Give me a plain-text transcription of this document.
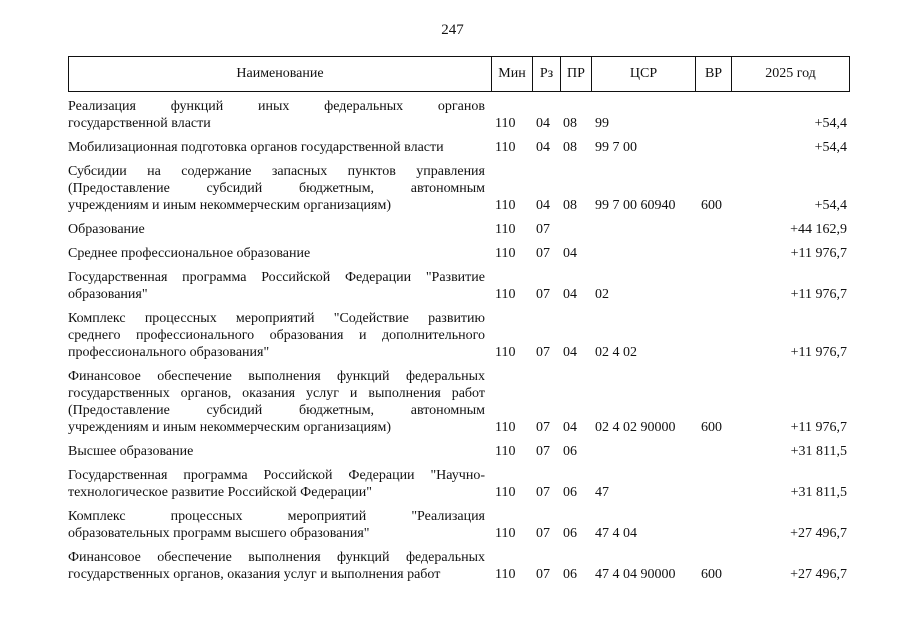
247
Наименование	Мин	Рз	ПР	ЦСР	ВР	2025 год
Реализация функций иных федеральных органов
государственной власти	110	04	08	99		+54,4

Мобилизационная подготовка органов государственной власти	110	04	08	99 7 00		+54,4

Субсидии на содержание запасных пунктов управления
(Предоставление субсидий бюджетным, автономным
учреждениям и иным некоммерческим организациям)	110	04	08	99 7 00 60940	600	+54,4

Образование	110	07				+44 162,9

Среднее профессиональное образование	110	07	04			+11 976,7

Государственная программа Российской Федерации "Развитие
образования"	110	07	04	02		+11 976,7

Комплекс процессных мероприятий "Содействие развитию
среднего профессионального образования и дополнительного
профессионального образования"	110	07	04	02 4 02		+11 976,7

Финансовое обеспечение выполнения функций федеральных
государственных органов, оказания услуг и выполнения работ
(Предоставление субсидий бюджетным, автономным
учреждениям и иным некоммерческим организациям)	110	07	04	02 4 02 90000	600	+11 976,7

Высшее образование	110	07	06			+31 811,5

Государственная программа Российской Федерации "Научно-
технологическое развитие Российской Федерации"	110	07	06	47		+31 811,5

Комплекс процессных мероприятий "Реализация
образовательных программ высшего образования"	110	07	06	47 4 04		+27 496,7

Финансовое обеспечение выполнения функций федеральных
государственных органов, оказания услуг и выполнения работ	110	07	06	47 4 04 90000	600	+27 496,7
